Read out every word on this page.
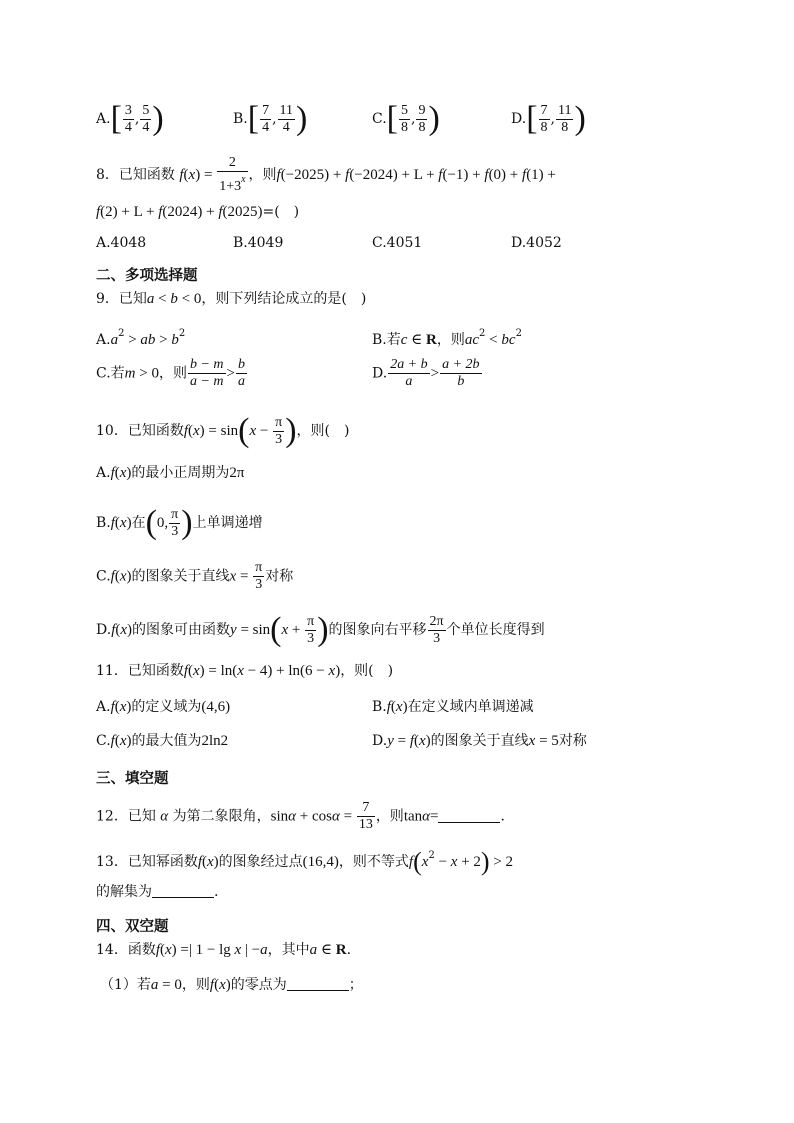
$A.[ \frac{3}{4}$ , $\frac{5}{4}$ )	$B.[ \frac{7}{4}$ , $\frac{11}{4}$ )	$C.[ \frac{5}{8}$ , $\frac{9}{8}$ )	$D.[ \frac{7}{8}$ , $\frac{11}{8}$ )
8．已知函数 $f(x) = \frac{2}{1+3^x}$ ，则f(−2025) + f(−2024) + L + f(−1) + f(0) + f(1) +
f(2) + L + f(2024) + f(2025)=(　)
A.4048	B.4049	C.4051	D.4052
二、多项选择题
9．已知a < b < 0，则下列结论成立的是(　)
$A.a^2$ > ab > $b^2$	B.若c ∈ R，则$ac^2 < bc^2$
C.若m > 0，则 $\frac{b - m}{a - m} > \frac{b}{a}$	D. $\frac{2a + b}{a} > \frac{a + 2b}{b}$
10．已知函数$f(x) = \sin(x - \frac{\pi}{3}$ )，则(　)
A.f(x)的最小正周期为2π
B.f(x)在(0, $\frac{\pi}{3}$ )上单调递增
C.f(x)的图象关于直线$x = \frac{\pi}{3}$ 对称
D.f(x)的图象可由函数$y = \sin(x + \frac{\pi}{3}$ )的图象向右平移 $\frac{2\pi}{3}$ 个单位长度得到
11．已知函数f(x) = ln(x − 4) + ln(6 − x)，则(　)
A.f(x)的定义域为(4,6)	B.f(x)在定义域内单调递减
C.f(x)的最大值为2ln2	D.y = f(x)的图象关于直线x = 5对称
三、填空题
12．已知 α 为第二象限角，$\sin\alpha + \cos\alpha = \frac{7}{13}$ ，则tanα=	.
13．已知幂函数f(x)的图象经过点(16,4)，则不等式$f(x^2 - x + 2) > 2$
的解集为	.
四、双空题
14．函数f(x) =| 1 − lg x | −a，其中a ∈ R.
（1）若a = 0，则f(x)的零点为	；
